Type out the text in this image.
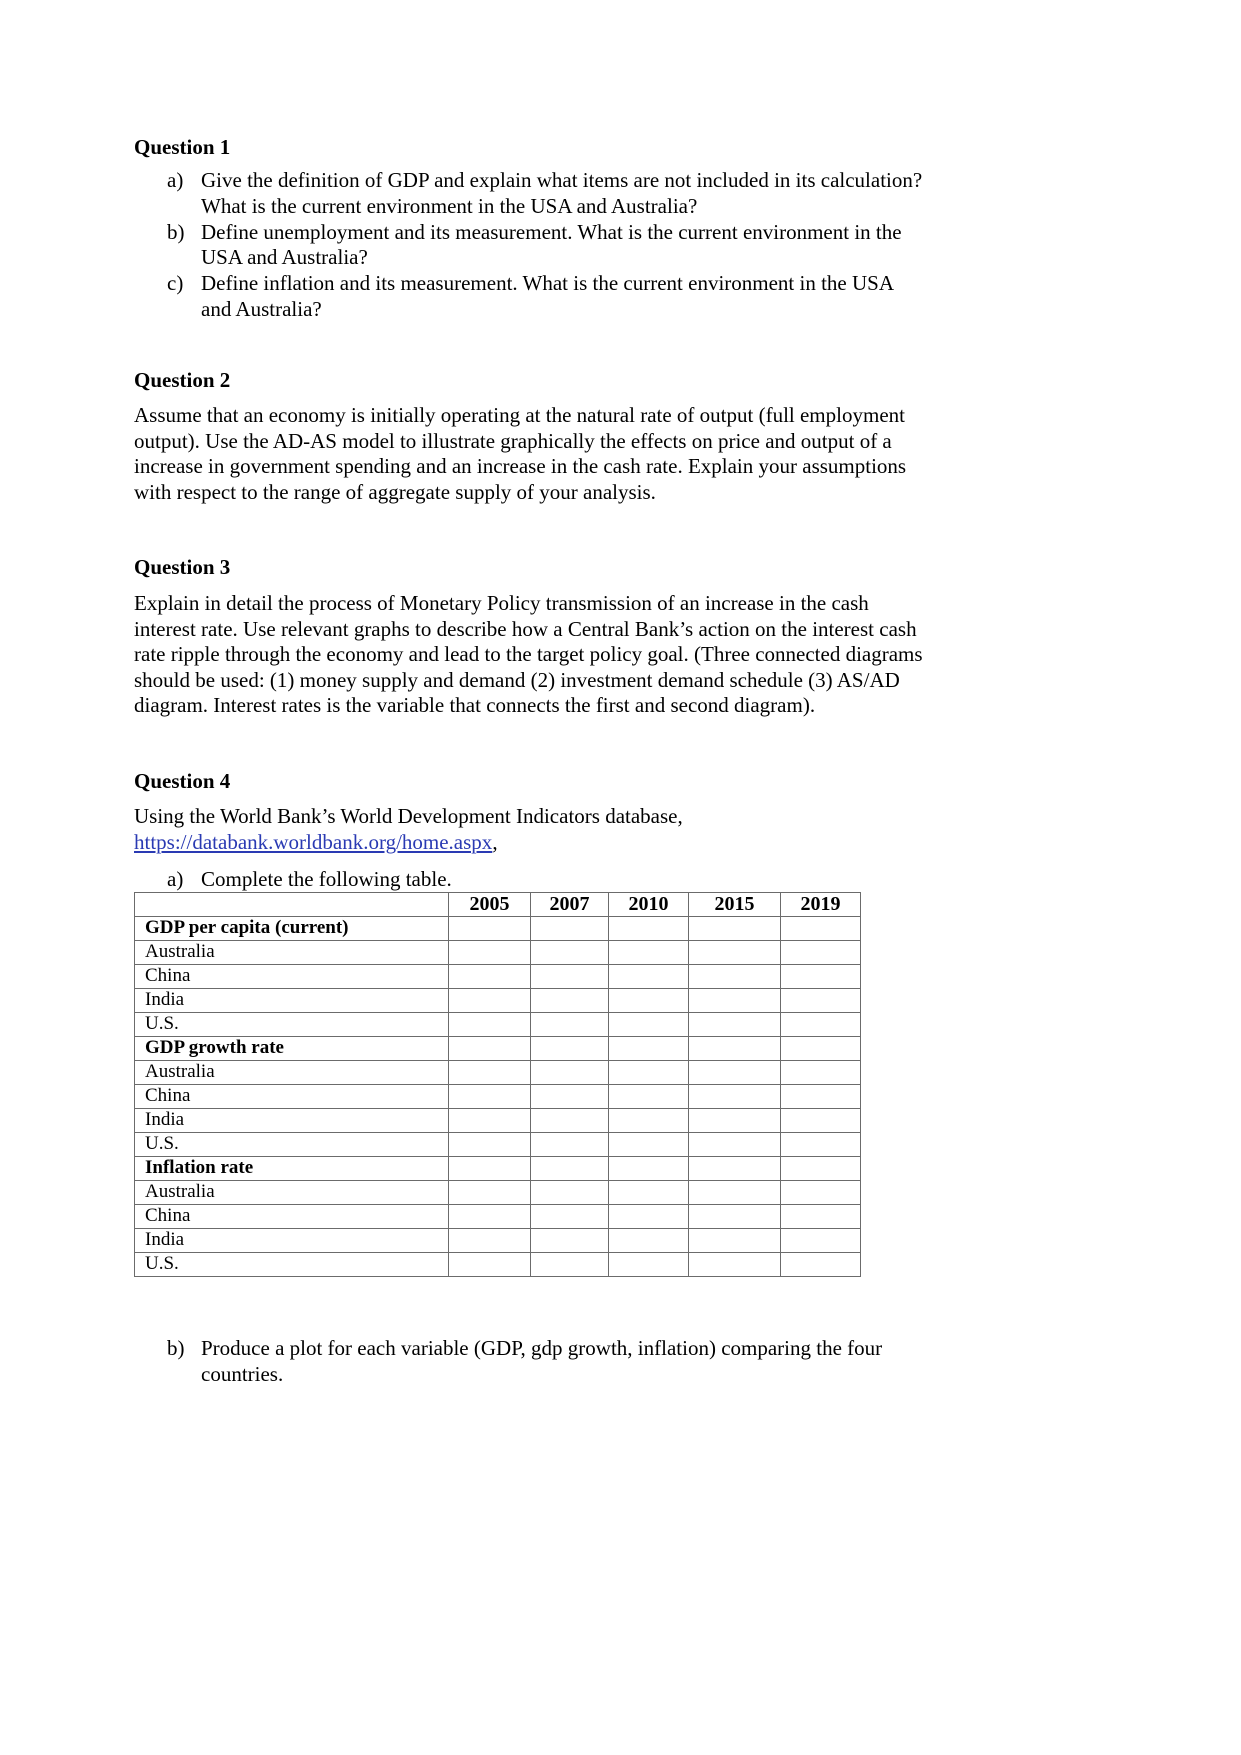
Question 1
a) Give the definition of GDP and explain what items are not included in its calculation?
What is the current environment in the USA and Australia?
b) Define unemployment and its measurement. What is the current environment in the
USA and Australia?
c) Define inflation and its measurement. What is the current environment in the USA
and Australia?
Question 2
Assume that an economy is initially operating at the natural rate of output (full employment
output). Use the AD-AS model to illustrate graphically the effects on price and output of a
increase in government spending and an increase in the cash rate. Explain your assumptions
with respect to the range of aggregate supply of your analysis.
Question 3
Explain in detail the process of Monetary Policy transmission of an increase in the cash
interest rate. Use relevant graphs to describe how a Central Bank’s action on the interest cash
rate ripple through the economy and lead to the target policy goal. (Three connected diagrams
should be used: (1) money supply and demand (2) investment demand schedule (3) AS/AD
diagram. Interest rates is the variable that connects the first and second diagram).
Question 4
Using the World Bank’s World Development Indicators database,
https://databank.worldbank.org/home.aspx,
a) Complete the following table.
	2005	2007	2010	2015	2019
GDP per capita (current)					
Australia					
China					
India					
U.S.					
GDP growth rate					
Australia					
China					
India					
U.S.					
Inflation rate					
Australia					
China					
India					
U.S.					
b) Produce a plot for each variable (GDP, gdp growth, inflation) comparing the four
countries.
